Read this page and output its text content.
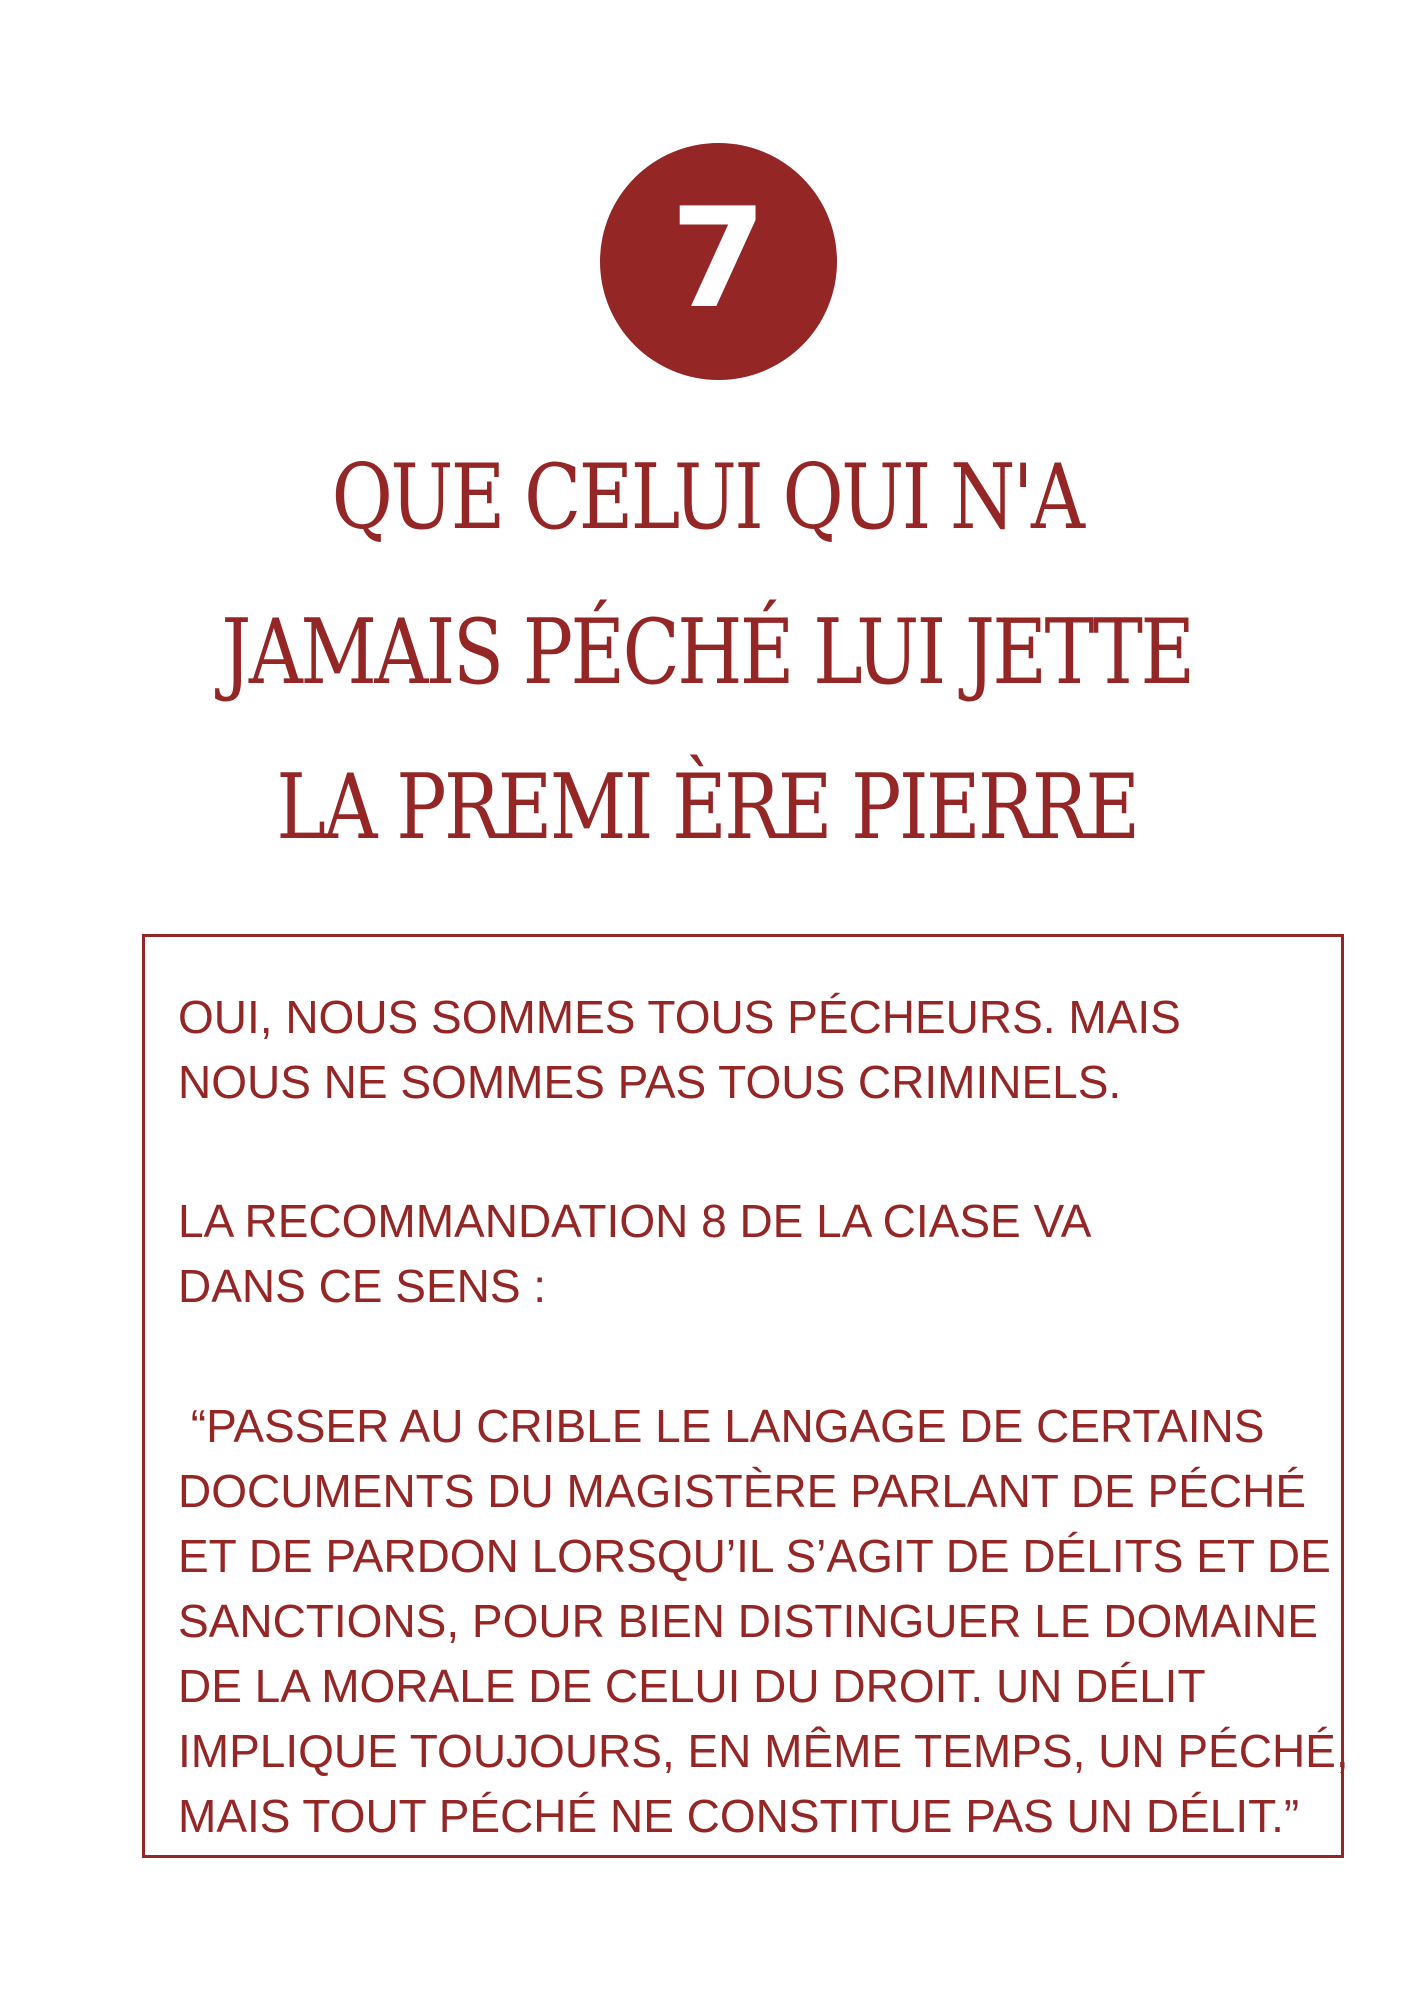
7
QUE CELUI QUI N'A
JAMAIS PÉCHÉ LUI JETTE
LA PREMI ÈRE PIERRE

OUI, NOUS SOMMES TOUS PÉCHEURS. MAIS
NOUS NE SOMMES PAS TOUS CRIMINELS.

LA RECOMMANDATION 8 DE LA CIASE VA
DANS CE SENS :

“PASSER AU CRIBLE LE LANGAGE DE CERTAINS
DOCUMENTS DU MAGISTÈRE PARLANT DE PÉCHÉ
ET DE PARDON LORSQU’IL S’AGIT DE DÉLITS ET DE
SANCTIONS, POUR BIEN DISTINGUER LE DOMAINE
DE LA MORALE DE CELUI DU DROIT. UN DÉLIT
IMPLIQUE TOUJOURS, EN MÊME TEMPS, UN PÉCHÉ,
MAIS TOUT PÉCHÉ NE CONSTITUE PAS UN DÉLIT.”
